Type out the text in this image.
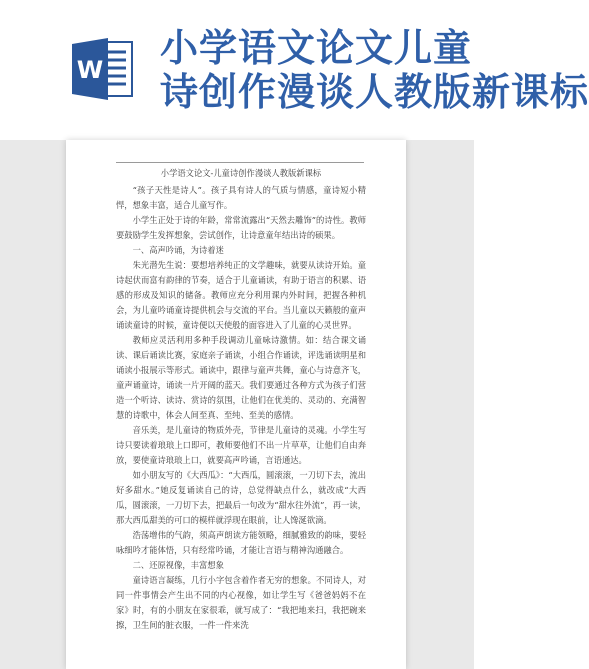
W 小学语文论文儿童
诗创作漫谈人教版新课标

小学语文论文-儿童诗创作漫谈人教版新课标

“孩子天性是诗人”。孩子具有诗人的气质与情感，童诗短小精悍，想象丰富，适合儿童写作。

小学生正处于诗的年龄，常常流露出“天然去雕饰”的诗性。教师要鼓励学生发挥想象，尝试创作，让诗意童年结出诗的硕果。

一、高声吟诵，为诗着迷

朱光潜先生说：要想培养纯正的文学趣味，就要从读诗开始。童诗起伏而富有韵律的节奏，适合于儿童诵读，有助于语言的积累、语感的形成及知识的储备。教师应充分利用课内外时间，把握各种机会，为儿童吟诵童诗提供机会与交流的平台。当儿童以天籁般的童声诵读童诗的时候，童诗便以天使般的面容进入了儿童的心灵世界。

教师应灵活利用多种手段调动儿童咏诗激情。如：结合课文诵读、课后诵读比赛，家庭亲子诵读，小组合作诵读，评选诵读明星和诵读小报展示等形式。诵读中，跟律与童声共舞，童心与诗意齐飞，童声诵童诗，诵读一片开阔的蓝天。我们要通过各种方式为孩子们营造一个听诗、读诗、赏诗的氛围，让他们在优美的、灵动的、充满智慧的诗歌中，体会人间至真、至纯、至美的感情。

音乐美，是儿童诗的物质外壳，节律是儿童诗的灵魂。小学生写诗只要读着琅琅上口即可，教师要他们不出一片草草，让他们自由奔放，要使童诗琅琅上口，就要高声吟诵，言语通达。

如小朋友写的《大西瓜》：“大西瓜，圆滚滚，一刀切下去，流出好多甜水。”她反复诵读自己的诗，总觉得缺点什么，就改成“大西瓜，圆滚滚，一刀切下去，把最后一句改为“甜水往外流”，再一读，那大西瓜甜美的可口的模样就浮现在眼前，让人馋涎欲滴。

浩荡增伟的气韵，须高声朗读方能领略，细腻雅致的韵味，要轻咏细吟才能体悟，只有经常吟诵，才能让言语与精神沟通融合。

二、还原视像，丰富想象

童诗语言凝练，几行小字包含着作者无穷的想象。不同诗人，对同一件事情会产生出不同的内心视像，如让学生写《爸爸妈妈不在家》时，有的小朋友在家很乖，就写成了：“我把地来扫，我把碗来擦，卫生间的脏衣服，一件一件来洗
